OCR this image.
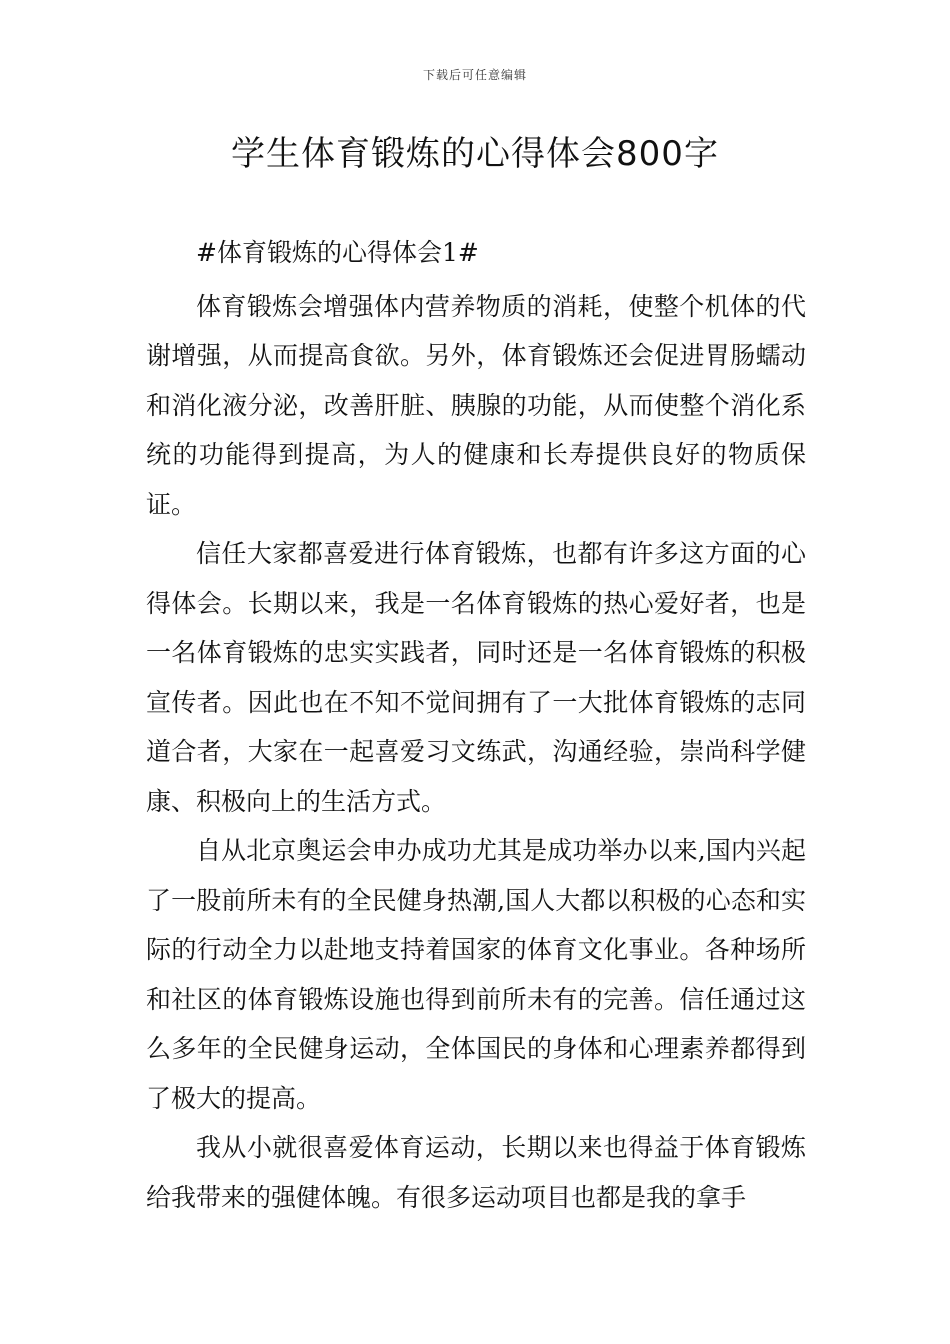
下载后可任意编辑
学生体育锻炼的心得体会800字
#体育锻炼的心得体会1#

体育锻炼会增强体内营养物质的消耗，使整个机体的代谢增强，从而提高食欲。另外，体育锻炼还会促进胃肠蠕动和消化液分泌，改善肝脏、胰腺的功能，从而使整个消化系统的功能得到提高，为人的健康和长寿提供良好的物质保证。

信任大家都喜爱进行体育锻炼，也都有许多这方面的心得体会。长期以来，我是一名体育锻炼的热心爱好者，也是一名体育锻炼的忠实实践者，同时还是一名体育锻炼的积极宣传者。因此也在不知不觉间拥有了一大批体育锻炼的志同道合者，大家在一起喜爱习文练武，沟通经验，崇尚科学健康、积极向上的生活方式。

自从北京奥运会申办成功尤其是成功举办以来,国内兴起了一股前所未有的全民健身热潮,国人大都以积极的心态和实际的行动全力以赴地支持着国家的体育文化事业。各种场所和社区的体育锻炼设施也得到前所未有的完善。信任通过这么多年的全民健身运动，全体国民的身体和心理素养都得到了极大的提高。

我从小就很喜爱体育运动，长期以来也得益于体育锻炼给我带来的强健体魄。有很多运动项目也都是我的拿手
